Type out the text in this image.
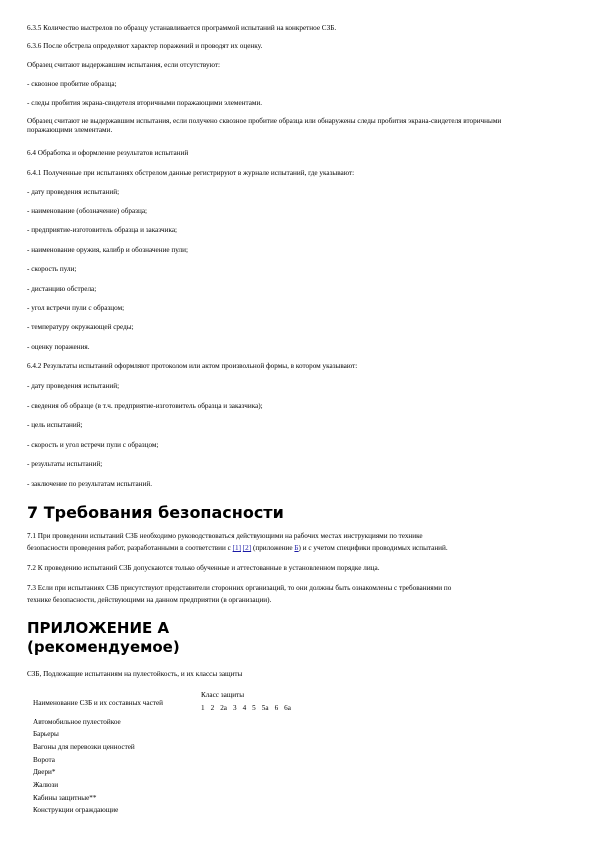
6.3.5 Количество выстрелов по образцу устанавливается программой испытаний на конкретное СЗБ.
6.3.6 После обстрела определяют характер поражений и проводят их оценку.
Образец считают выдержавшим испытания, если отсутствуют:
- сквозное пробитие образца;
- следы пробития экрана-свидетеля вторичными поражающими элементами.
Образец считают не выдержавшим испытания, если получено сквозное пробитие образца или обнаружены следы пробития экрана-свидетеля вторичными поражающими элементами.
6.4 Обработка и оформление результатов испытаний
6.4.1 Полученные при испытаниях обстрелом данные регистрируют в журнале испытаний, где указывают:
- дату проведения испытаний;
- наименование (обозначение) образца;
- предприятие-изготовитель образца и заказчика;
- наименование оружия, калибр и обозначение пули;
- скорость пули;
- дистанцию обстрела;
- угол встречи пули с образцом;
- температуру окружающей среды;
- оценку поражения.
6.4.2 Результаты испытаний оформляют протоколом или актом произвольной формы, в котором указывают:
- дату проведения испытаний;
- сведения об образце (в т.ч. предприятие-изготовитель образца и заказчика);
- цель испытаний;
- скорость и угол встречи пули с образцом;
- результаты испытаний;
- заключение по результатам испытаний.
7 Требования безопасности
7.1 При проведении испытаний СЗБ необходимо руководствоваться действующими на рабочих местах инструкциями по технике
безопасности проведения работ, разработанными в соответствии с [1] [2] (приложение Б) и с учетом специфики проводимых испытаний.
7.2 К проведению испытаний СЗБ допускаются только обученные и аттестованные в установленном порядке лица.
7.3 Если при испытаниях СЗБ присутствуют представители сторонних организаций, то они должны быть ознакомлены с требованиями по
технике безопасности, действующими на данном предприятии (в организации).
ПРИЛОЖЕНИЕ А
(рекомендуемое)
СЗБ, Подлежащие испытаниям на пулестойкость, и их классы защиты
Наименование СЗБ и их составных частей
Класс защиты
1 2 2а 3 4 5 5а 6 6а
Автомобильное пулестойкое
Барьеры
Вагоны для перевозки ценностей
Ворота
Двери*
Жалюзи
Кабины защитные**
Конструкции ограждающие
